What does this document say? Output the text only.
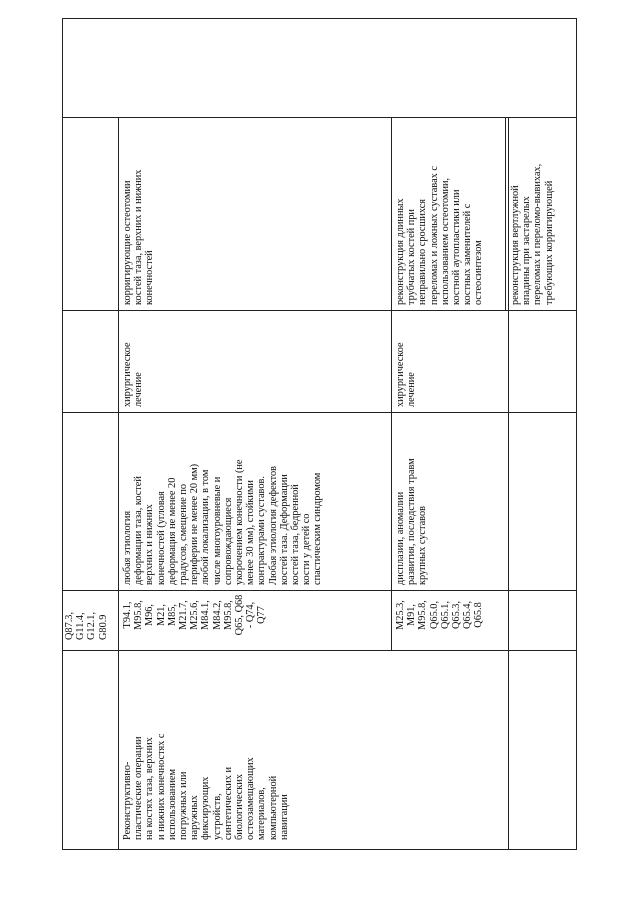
Реконструктивно-
пластические операции
на костях таза, верхних
и нижних конечностях с
использованием
погружных или
наружных
фиксирующих
устройств,
синтетических и
биологических
остеозамещающих
материалов,
компьютерной
навигации
Q87.3,
G11.4,
G12.1,
G80.9 T94.1,
M95.8,
M96,
M21,
M85,
M21.7,
M25.6,
M84.1,
M84.2,
M95.8,
Q65, Q68
- Q74,
Q77
любая этиология
деформации таза, костей
верхних и нижних
конечностей (угловая
деформация не менее 20
градусов, смещение по
периферии не менее 20 мм)
любой локализации, в том
числе многоуровневые и
сопровождающиеся
укорочением конечности (не
менее 30 мм), стойкими
контрактурами суставов.
Любая этиология дефектов
костей таза. Деформации
костей таза, бедренной
кости у детей со
спастическим синдромом
хирургическое
лечение
корригирующие остеотомии
костей таза, верхних и нижних
конечностей
M25.3,
M91,
M95.8,
Q65.0,
Q65.1,
Q65.3,
Q65.4,
Q65.8
дисплазии, аномалии
развития, последствия травм
крупных суставов
хирургическое
лечение
реконструкция длинных
трубчатых костей при
неправильно сросшихся
переломах и ложных суставах с
использованием остеотомии,
костной аутопластики или
костных заменителей с
остеосинтезом реконструкция вертлужной
впадины при застарелых
переломах и переломо-вывихах,
требующих корригирующей
